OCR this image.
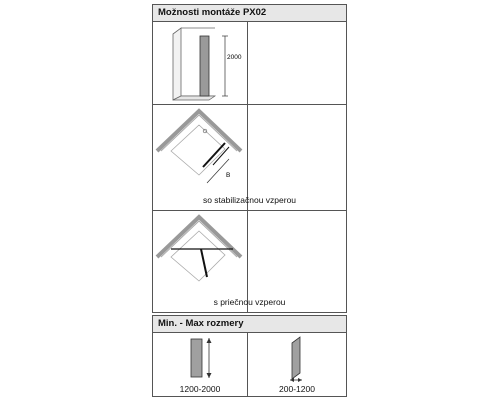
Možnosti montáže PX02
2000
B
so stabilizačnou vzperou
s priečnou vzperou
Min. - Max rozmery
1200-2000	200-1200
